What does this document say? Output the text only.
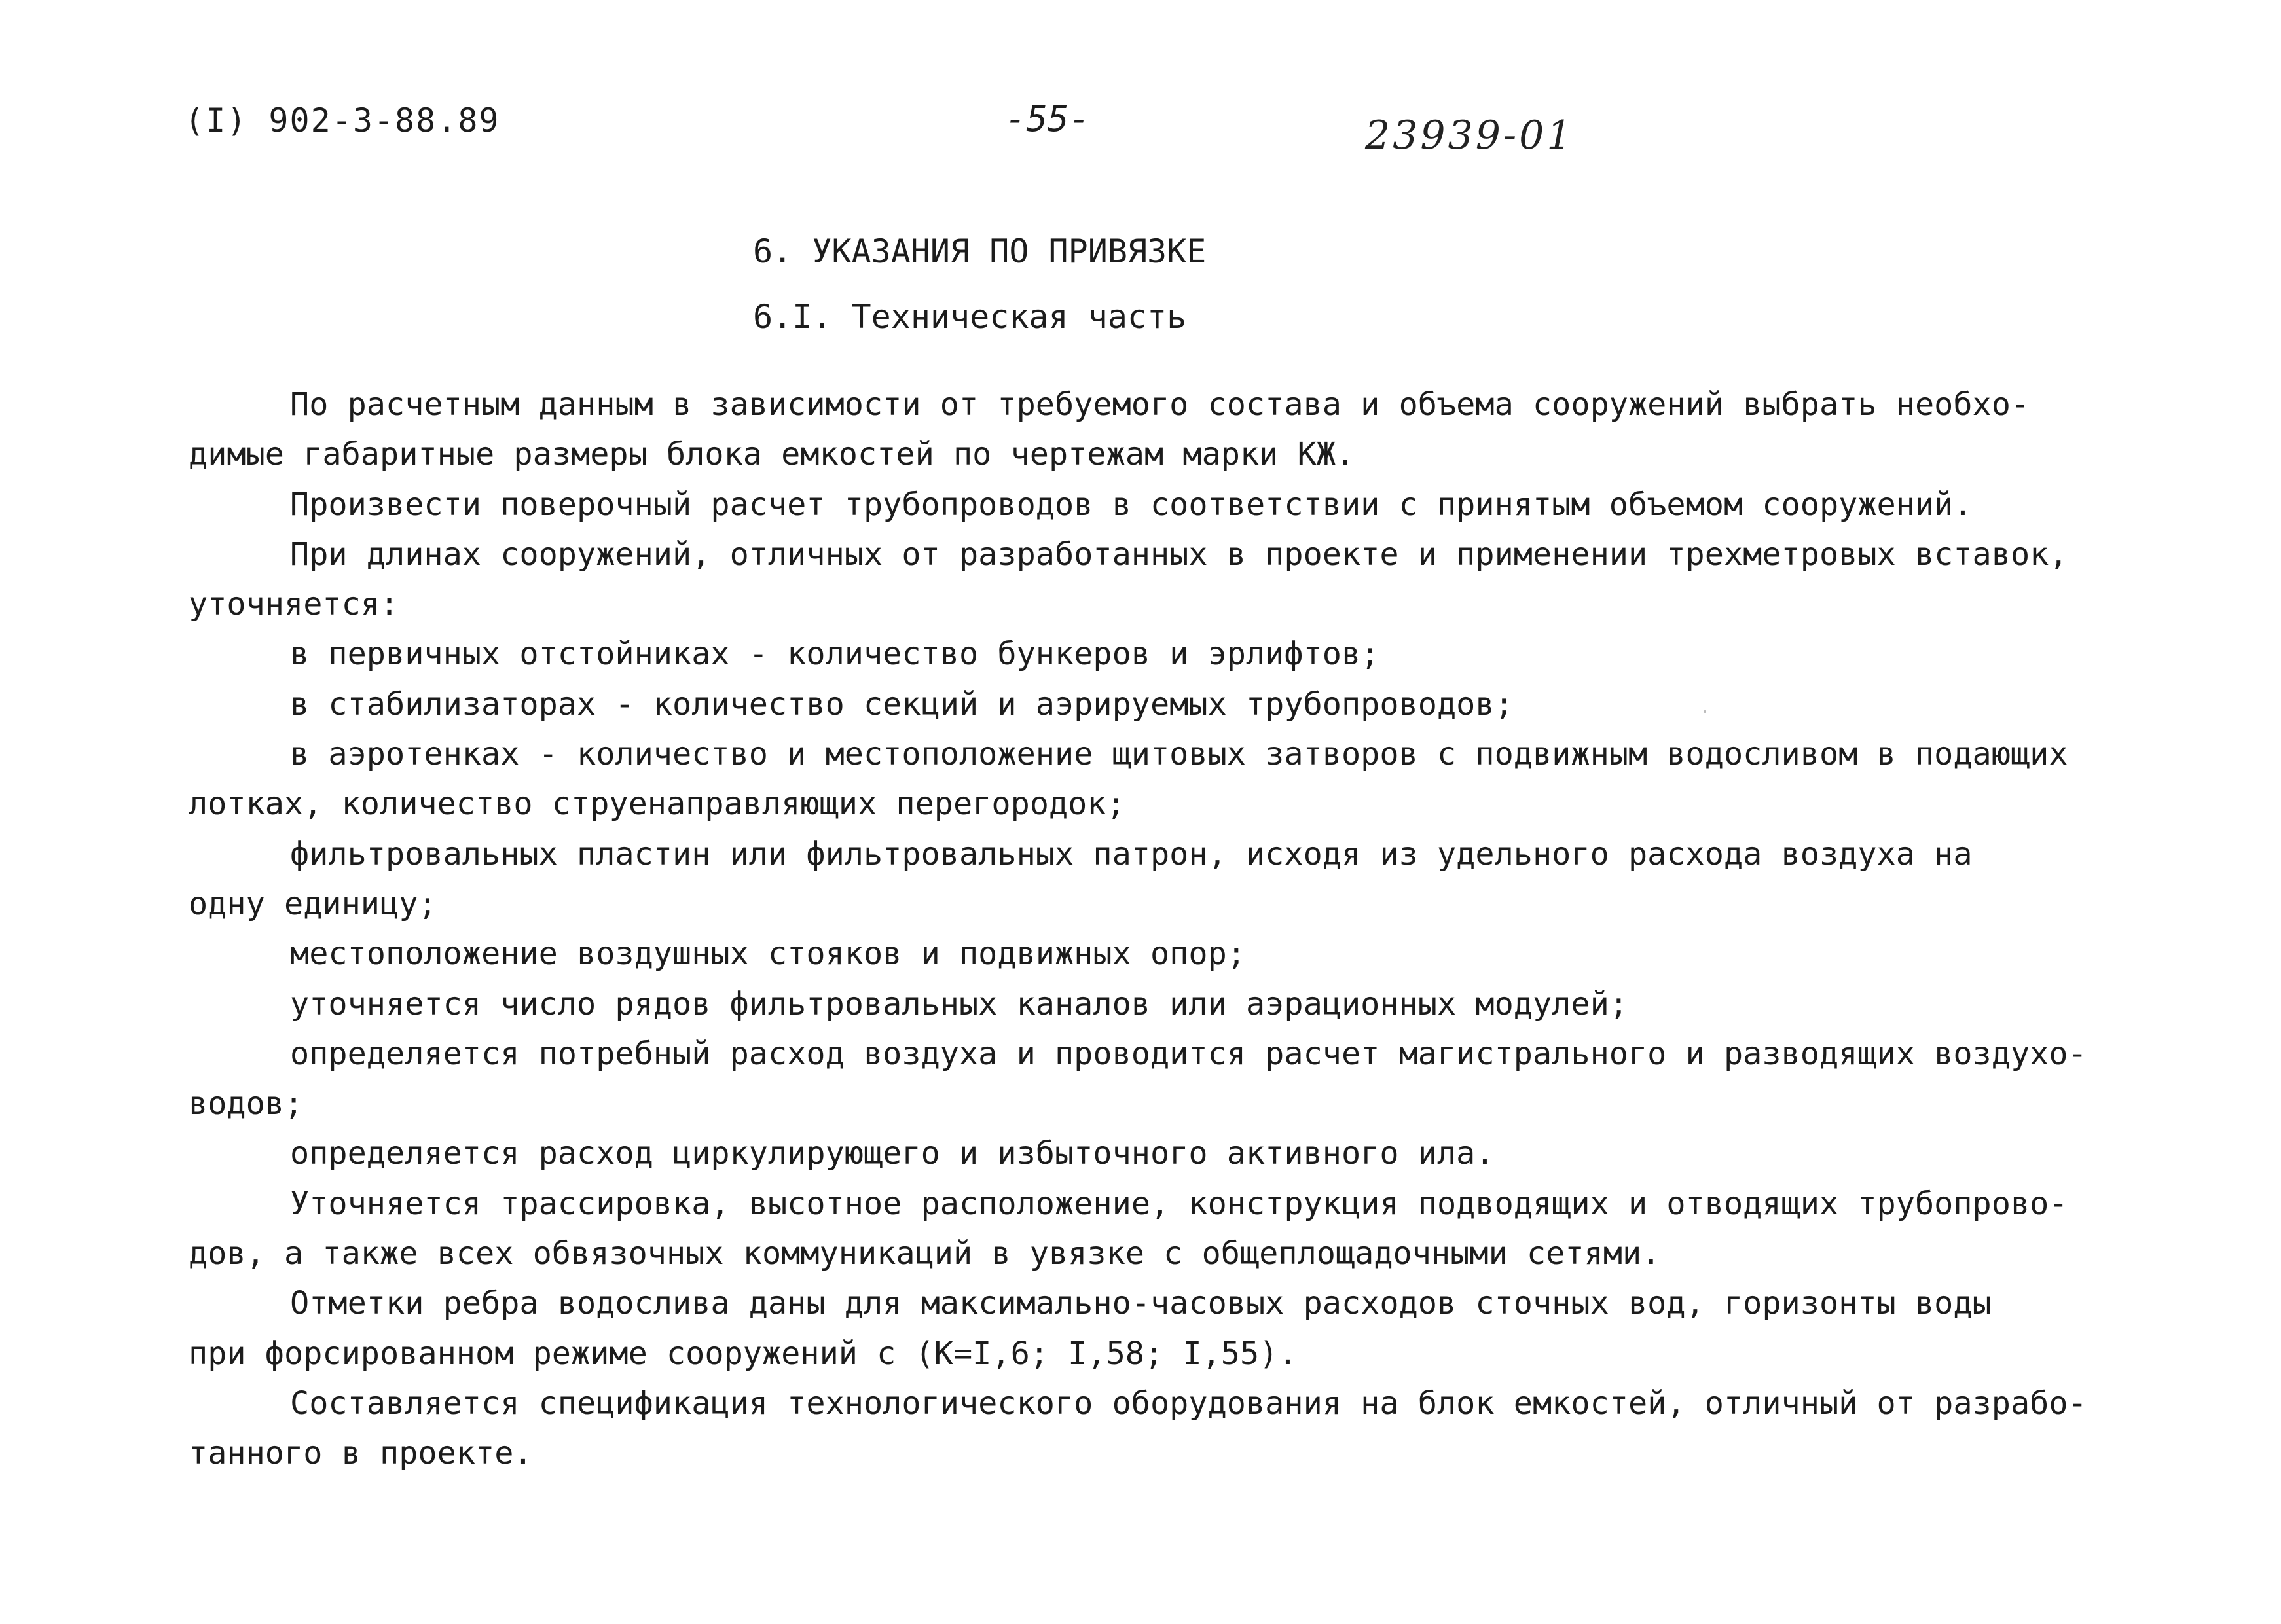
(I) 902-3-88.89	-55-	23939-01
6. УКАЗАНИЯ ПО ПРИВЯЗКЕ
6.I. Техническая часть
По расчетным данным в зависимости от требуемого состава и объема сооружений выбрать необхо-
димые габаритные размеры блока емкостей по чертежам марки КЖ.
Произвести поверочный расчет трубопроводов в соответствии с принятым объемом сооружений.
При длинах сооружений, отличных от разработанных в проекте и применении трехметровых вставок,
уточняется:
в первичных отстойниках - количество бункеров и эрлифтов;
в стабилизаторах - количество секций и аэрируемых трубопроводов;
в аэротенках - количество и местоположение щитовых затворов с подвижным водосливом в подающих
лотках, количество струенаправляющих перегородок;
фильтровальных пластин или фильтровальных патрон, исходя из удельного расхода воздуха на
одну единицу;
местоположение воздушных стояков и подвижных опор;
уточняется число рядов фильтровальных каналов или аэрационных модулей;
определяется потребный расход воздуха и проводится расчет магистрального и разводящих воздухо-
водов;
определяется расход циркулирующего и избыточного активного ила.
Уточняется трассировка, высотное расположение, конструкция подводящих и отводящих трубопрово-
дов, а также всех обвязочных коммуникаций в увязке с общеплощадочными сетями.
Отметки ребра водослива даны для максимально-часовых расходов сточных вод, горизонты воды
при форсированном режиме сооружений с (К=I,6; I,58; I,55).
Составляется спецификация технологического оборудования на блок емкостей, отличный от разрабо-
танного в проекте.
